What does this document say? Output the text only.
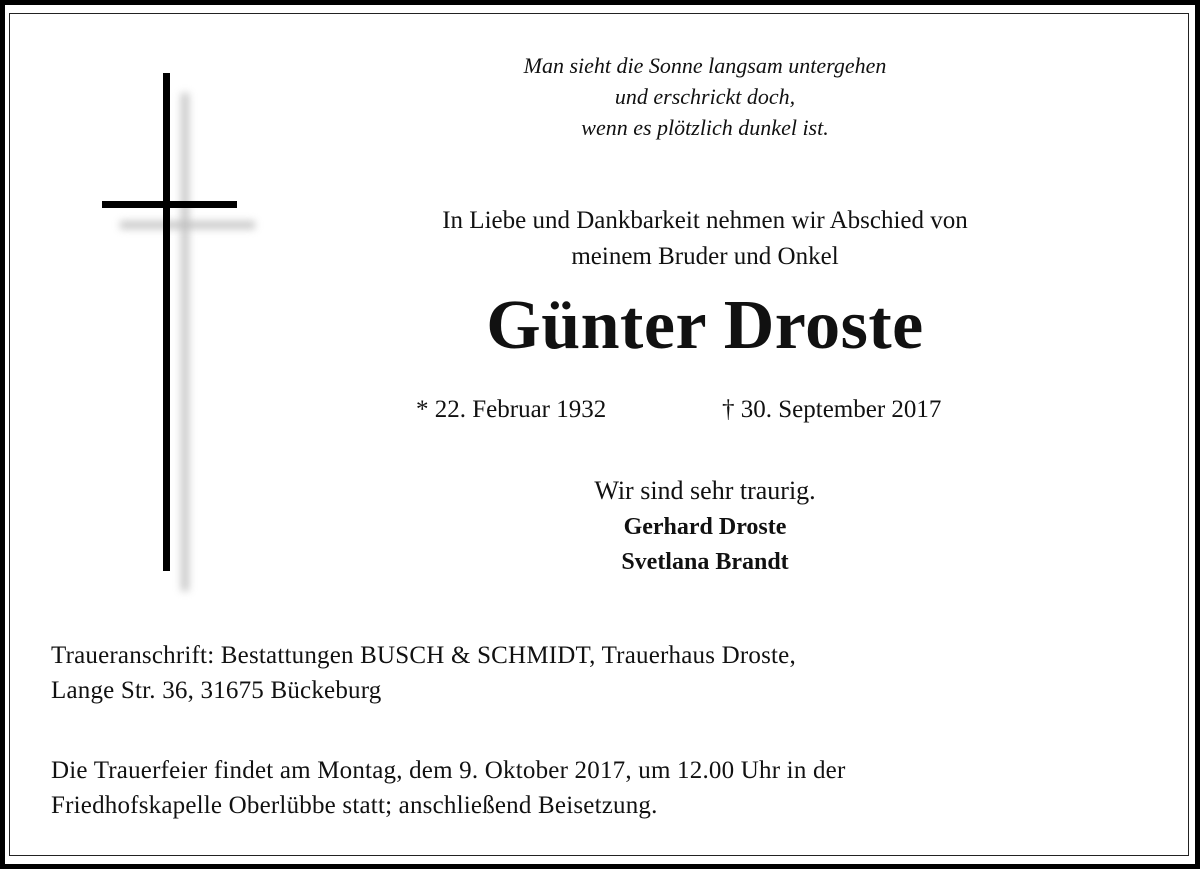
Man sieht die Sonne langsam untergehen
und erschrickt doch,
wenn es plötzlich dunkel ist.
In Liebe und Dankbarkeit nehmen wir Abschied von
meinem Bruder und Onkel
Günter Droste
* 22. Februar 1932	† 30. September 2017
Wir sind sehr traurig.
Gerhard Droste
Svetlana Brandt
Traueranschrift: Bestattungen BUSCH & SCHMIDT, Trauerhaus Droste,
Lange Str. 36, 31675 Bückeburg
Die Trauerfeier findet am Montag, dem 9. Oktober 2017, um 12.00 Uhr in der
Friedhofskapelle Oberlübbe statt; anschließend Beisetzung.
